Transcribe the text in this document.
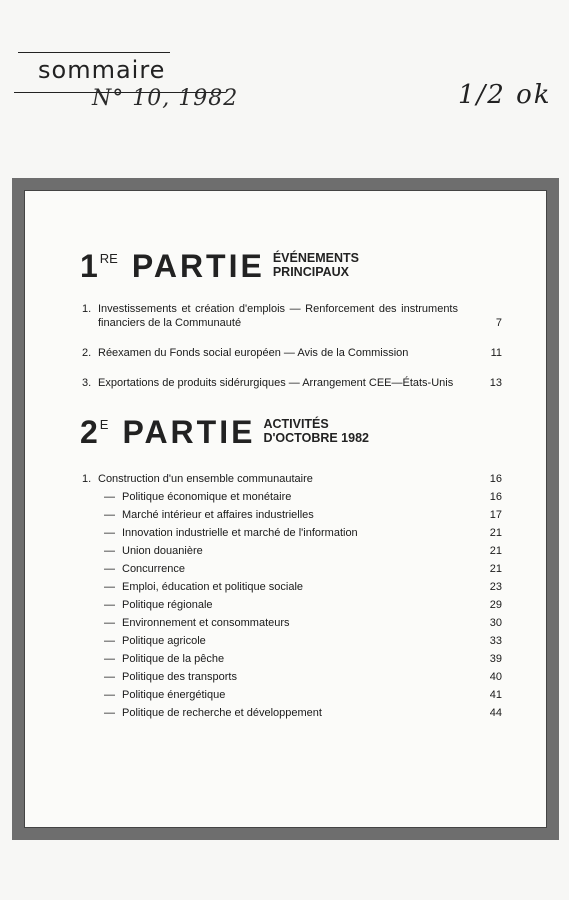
sommaire
N° 10, 1982	1/2 ok
1 RE PARTIE ÉVÉNEMENTS
PRINCIPAUX
1. Investissements et création d'emplois — Renforcement des instruments financiers de la Communauté	7
2. Réexamen du Fonds social européen — Avis de la Commission	11
3. Exportations de produits sidérurgiques — Arrangement CEE—États-Unis	13
2 E PARTIE ACTIVITÉS
D'OCTOBRE 1982
1. Construction d'un ensemble communautaire	16
— Politique économique et monétaire	16
— Marché intérieur et affaires industrielles	17
— Innovation industrielle et marché de l'information	21
— Union douanière	21
— Concurrence	21
— Emploi, éducation et politique sociale	23
— Politique régionale	29
— Environnement et consommateurs	30
— Politique agricole	33
— Politique de la pêche	39
— Politique des transports	40
— Politique énergétique	41
— Politique de recherche et développement	44
